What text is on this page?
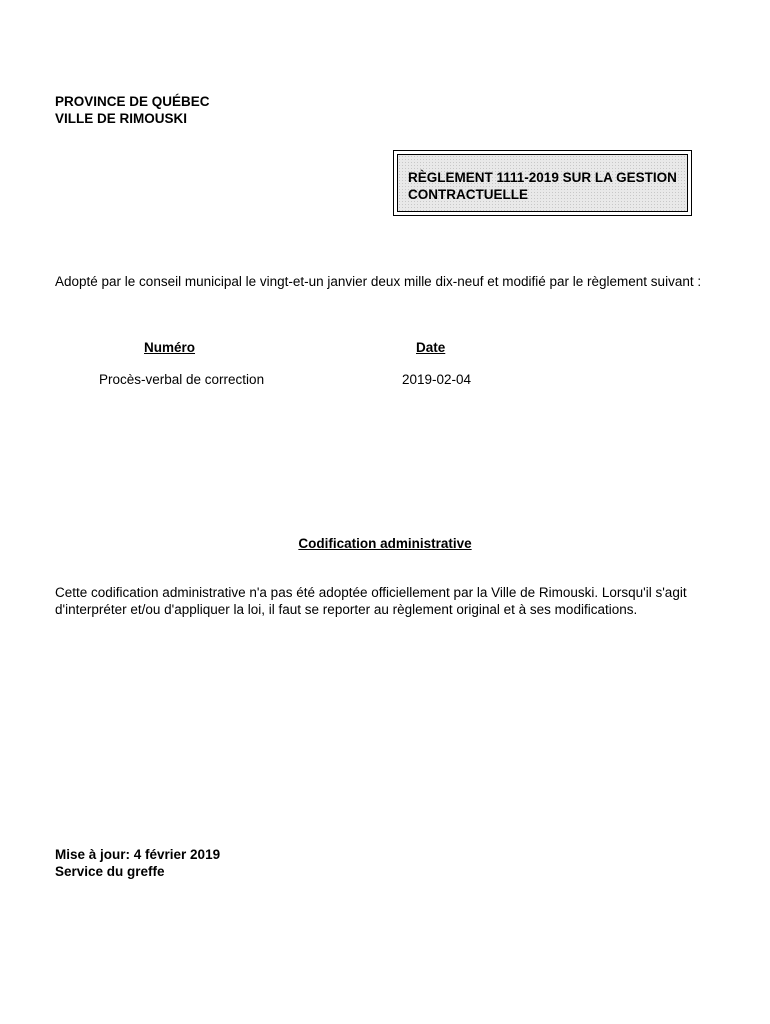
PROVINCE DE QUÉBEC
VILLE DE RIMOUSKI
RÈGLEMENT 1111-2019 SUR LA GESTION
CONTRACTUELLE
Adopté par le conseil municipal le vingt-et-un janvier deux mille dix-neuf et modifié par le règlement suivant :
Numéro	Date
Procès-verbal de correction	2019-02-04
Codification administrative
Cette codification administrative n'a pas été adoptée officiellement par la Ville de Rimouski. Lorsqu'il s'agit d'interpréter et/ou d'appliquer la loi, il faut se reporter au règlement original et à ses modifications.
Mise à jour: 4 février 2019
Service du greffe
